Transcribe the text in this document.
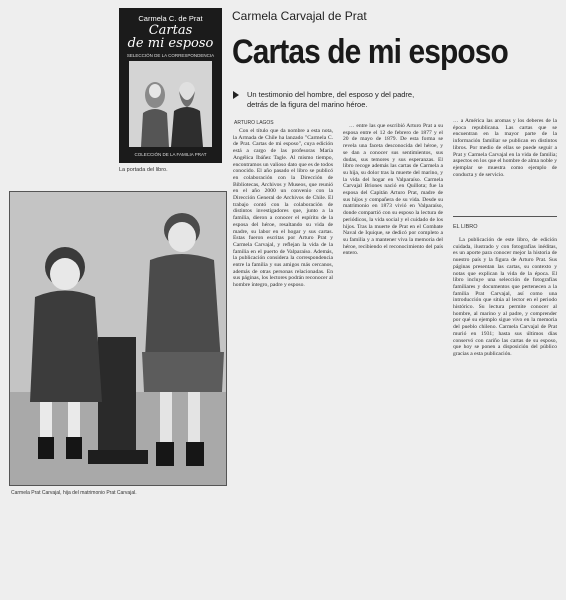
Carmela C. de Prat
Cartas
de mi esposo
SELECCIÓN DE LA CORRESPONDENCIA
COLECCIÓN DE LA FAMILIA PRAT
La portada del libro.
Carmela Carvajal de Prat
Cartas de mi esposo
Un testimonio del hombre, del esposo y del padre, detrás de la figura del marino héroe.
Carmela Prat Carvajal, hija del matrimonio Prat Carvajal.
ARTURO LAGOS

Con el título que da nombre a esta nota, la Armada de Chile ha lanzado "Carmela C. de Prat. Cartas de mi esposo", cuya edición está a cargo de las profesoras María Angélica Ibáñez Tagle. Al mismo tiempo, encontramos un valioso dato que es de todos conocido. El año pasado el libro se publicó en colaboración con la Dirección de Bibliotecas, Archivos y Museos, que reunió en el año 2000 un convenio con la Dirección General de Archivos de Chile. El trabajo contó con la colaboración de distintos investigadores que, junto a la familia, dieron a conocer el espíritu de la esposa del héroe, resaltando su vida de madre, su labor en el hogar y sus cartas. Estas fueron escritas por Arturo Prat y Carmela Carvajal, y reflejan la vida de la familia en el puerto de Valparaíso. Además, la publicación considera la correspondencia entre la familia y sus amigos más cercanos, además de otras personas relacionadas. En sus páginas, los lectores podrán reconocer al hombre íntegro, padre y esposo.

… entre las que escribió Arturo Prat a su esposa entre el 12 de febrero de 1877 y el 20 de mayo de 1879. De esta forma se revela una faceta desconocida del héroe, y se dan a conocer sus sentimientos, sus dudas, sus temores y sus esperanzas. El libro recoge además las cartas de Carmela a su hija, su dolor tras la muerte del marino, y la vida del hogar en Valparaíso. Carmela Carvajal Briones nació en Quillota; fue la esposa del Capitán Arturo Prat, madre de sus hijos y compañera de su vida. Desde su matrimonio en 1873 vivió en Valparaíso, donde compartió con su esposo la lectura de periódicos, la vida social y el cuidado de los hijos. Tras la muerte de Prat en el Combate Naval de Iquique, se dedicó por completo a su familia y a mantener viva la memoria del héroe, recibiendo el reconocimiento del país entero.

… a América las aromas y los deberes de la época republicana. Las cartas que se encuentran en la mayor parte de la información familiar se publican en distintos libros. Por medio de ellas se puede seguir a Prat y Carmela Carvajal en la vida de familia; aspectos en los que el hombre de alma noble y ejemplar se muestra como ejemplo de conducta y de servicio.

EL LIBRO

La publicación de este libro, de edición cuidada, ilustrado y con fotografías inéditas, es un aporte para conocer mejor la historia de nuestro país y la figura de Arturo Prat. Sus páginas presentan las cartas, su contexto y notas que explican la vida de la época. El libro incluye una selección de fotografías familiares y documentos que pertenecen a la familia Prat Carvajal, así como una introducción que sitúa al lector en el periodo histórico. Su lectura permite conocer al hombre, al marino y al padre, y comprender por qué su ejemplo sigue vivo en la memoria del pueblo chileno. Carmela Carvajal de Prat murió en 1931; hasta sus últimos días conservó con cariño las cartas de su esposo, que hoy se ponen a disposición del público gracias a esta publicación.
